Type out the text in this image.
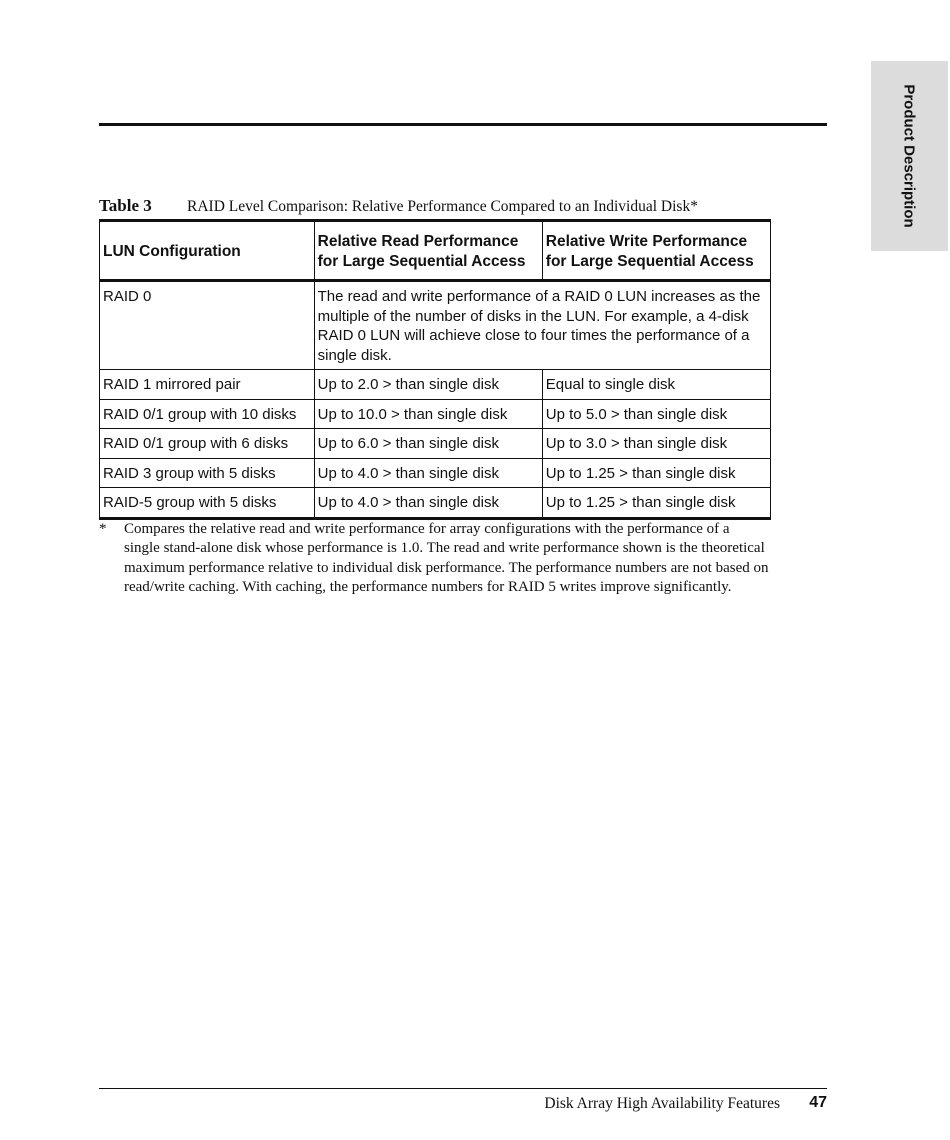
Product Description
Table 3 RAID Level Comparison: Relative Performance Compared to an Individual Disk*
LUN Configuration	Relative Read Performance for Large Sequential Access	Relative Write Performance for Large Sequential Access
RAID 0	The read and write performance of a RAID 0 LUN increases as the multiple of the number of disks in the LUN. For example, a 4-disk RAID 0 LUN will achieve close to four times the performance of a single disk.	
RAID 1 mirrored pair	Up to 2.0 > than single disk	Equal to single disk
RAID 0/1 group with 10 disks	Up to 10.0 > than single disk	Up to 5.0 > than single disk
RAID 0/1 group with 6 disks	Up to 6.0 > than single disk	Up to 3.0 > than single disk
RAID 3 group with 5 disks	Up to 4.0 > than single disk	Up to 1.25 > than single disk
RAID-5 group with 5 disks	Up to 4.0 > than single disk	Up to 1.25 > than single disk
* Compares the relative read and write performance for array configurations with the performance of a single stand-alone disk whose performance is 1.0. The read and write performance shown is the theoretical maximum performance relative to individual disk performance. The performance numbers are not based on read/write caching. With caching, the performance numbers for RAID 5 writes improve significantly.
Disk Array High Availability Features 47
